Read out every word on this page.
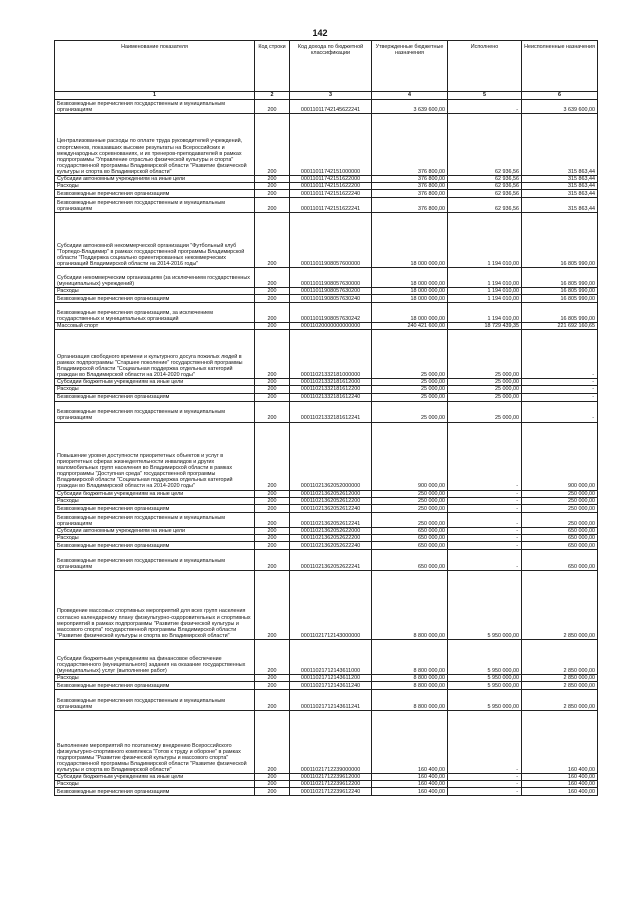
142
Наименование показателя	Код строки	Код дохода по бюджетной классификации	Утвержденные бюджетные назначения	Исполнено	Неисполненные назначения
1	2	3	4	5	6
Безвозмездные перечисления государственным и муниципальным организациям	200	00011011742145622241	3 639 600,00	-	3 639 600,00
Централизованные расходы по оплате труда руководителей учреждений, спортсменов, показавших высокие результаты на Всероссийских и международных соревнованиях, и их тренеров-преподавателей в рамках подпрограммы "Управление отраслью физической культуры и спорта" государственной программы Владимирской области "Развитие физической культуры и спорта во Владимирской области"	200	00011011742151000000	376 800,00	62 936,56	315 863,44
Субсидии автономным учреждениям на иные цели	200	00011011742151622000	376 800,00	62 936,56	315 863,44
Расходы	200	00011011742151622200	376 800,00	62 936,56	315 863,44
Безвозмездные перечисления организациям	200	00011011742151622240	376 800,00	62 936,56	315 863,44
Безвозмездные перечисления государственным и муниципальным организациям	200	00011011742151622241	376 800,00	62 936,56	315 863,44
Субсидии автономной некоммерческой организации "Футбольный клуб "Торпедо-Владимир" в рамках государственной программы Владимирской области "Поддержка социально ориентированных некоммерческих организаций Владимирской области на 2014-2016 годы"	200	00011011908057600000	18 000 000,00	1 194 010,00	16 805 990,00
Субсидии некоммерческим организациям (за исключением государственных (муниципальных) учреждений)	200	00011011908057630000	18 000 000,00	1 194 010,00	16 805 990,00
Расходы	200	00011011908057630200	18 000 000,00	1 194 010,00	16 805 990,00
Безвозмездные перечисления организациям	200	00011011908057630240	18 000 000,00	1 194 010,00	16 805 990,00
Безвозмездные перечисления организациям, за исключением государственных и муниципальных организаций	200	00011011908057630242	18 000 000,00	1 194 010,00	16 805 990,00
Массовый спорт	200	00011020000000000000	240 421 600,00	18 729 439,35	221 692 160,65
Организация свободного времени и культурного досуга пожилых людей в рамках подпрограммы "Старшее поколение" государственной программы Владимирской области "Социальная поддержка отдельных категорий граждан во Владимирской области на 2014-2020 годы"	200	00011021332181000000	25 000,00	25 000,00	-
Субсидии бюджетным учреждениям на иные цели	200	00011021332181612000	25 000,00	25 000,00	-
Расходы	200	00011021332181612200	25 000,00	25 000,00	-
Безвозмездные перечисления организациям	200	00011021332181612240	25 000,00	25 000,00	-
Безвозмездные перечисления государственным и муниципальным организациям	200	00011021332181612241	25 000,00	25 000,00	-
Повышение уровня доступности приоритетных объектов и услуг в приоритетных сферах жизнедеятельности инвалидов и других маломобильных групп населения во Владимирской области в рамках подпрограммы "Доступная среда" государственной программы Владимирской области "Социальная поддержка отдельных категорий граждан во Владимирской области на 2014-2020 годы"	200	00011021362052000000	900 000,00	-	900 000,00
Субсидии бюджетным учреждениям на иные цели	200	00011021362052612000	250 000,00	-	250 000,00
Расходы	200	00011021362052612200	250 000,00	-	250 000,00
Безвозмездные перечисления организациям	200	00011021362052612240	250 000,00	-	250 000,00
Безвозмездные перечисления государственным и муниципальным организациям	200	00011021362052612241	250 000,00	-	250 000,00
Субсидии автономным учреждениям на иные цели	200	00011021362052622000	650 000,00	-	650 000,00
Расходы	200	00011021362052622200	650 000,00	-	650 000,00
Безвозмездные перечисления организациям	200	00011021362052622240	650 000,00	-	650 000,00
Безвозмездные перечисления государственным и муниципальным организациям	200	00011021362052622241	650 000,00	-	650 000,00
Проведение массовых спортивных мероприятий для всех групп населения согласно календарному плану физкультурно-оздоровительных и спортивных мероприятий в рамках подпрограммы "Развитие физической культуры и массового спорта" государственной программы Владимирской области "Развитие физической культуры и спорта во Владимирской области"	200	00011021712143000000	8 800 000,00	5 950 000,00	2 850 000,00
Субсидии бюджетным учреждениям на финансовое обеспечение государственного (муниципального) задания на оказание государственных (муниципальных) услуг (выполнение работ)	200	00011021712143611000	8 800 000,00	5 950 000,00	2 850 000,00
Расходы	200	00011021712143611200	8 800 000,00	5 950 000,00	2 850 000,00
Безвозмездные перечисления организациям	200	00011021712143611240	8 800 000,00	5 950 000,00	2 850 000,00
Безвозмездные перечисления государственным и муниципальным организациям	200	00011021712143611241	8 800 000,00	5 950 000,00	2 850 000,00
Выполнение мероприятий по поэтапному внедрению Всероссийского физкультурно-спортивного комплекса "Готов к труду и обороне" в рамках подпрограммы "Развитие физической культуры и массового спорта" государственной программы Владимирской области "Развитие физической культуры и спорта во Владимирской области"	200	00011021712239000000	160 400,00	-	160 400,00
Субсидии бюджетным учреждениям на иные цели	200	00011021712239612000	160 400,00	-	160 400,00
Расходы	200	00011021712239612200	160 400,00	-	160 400,00
Безвозмездные перечисления организациям	200	00011021712239612240	160 400,00	-	160 400,00
